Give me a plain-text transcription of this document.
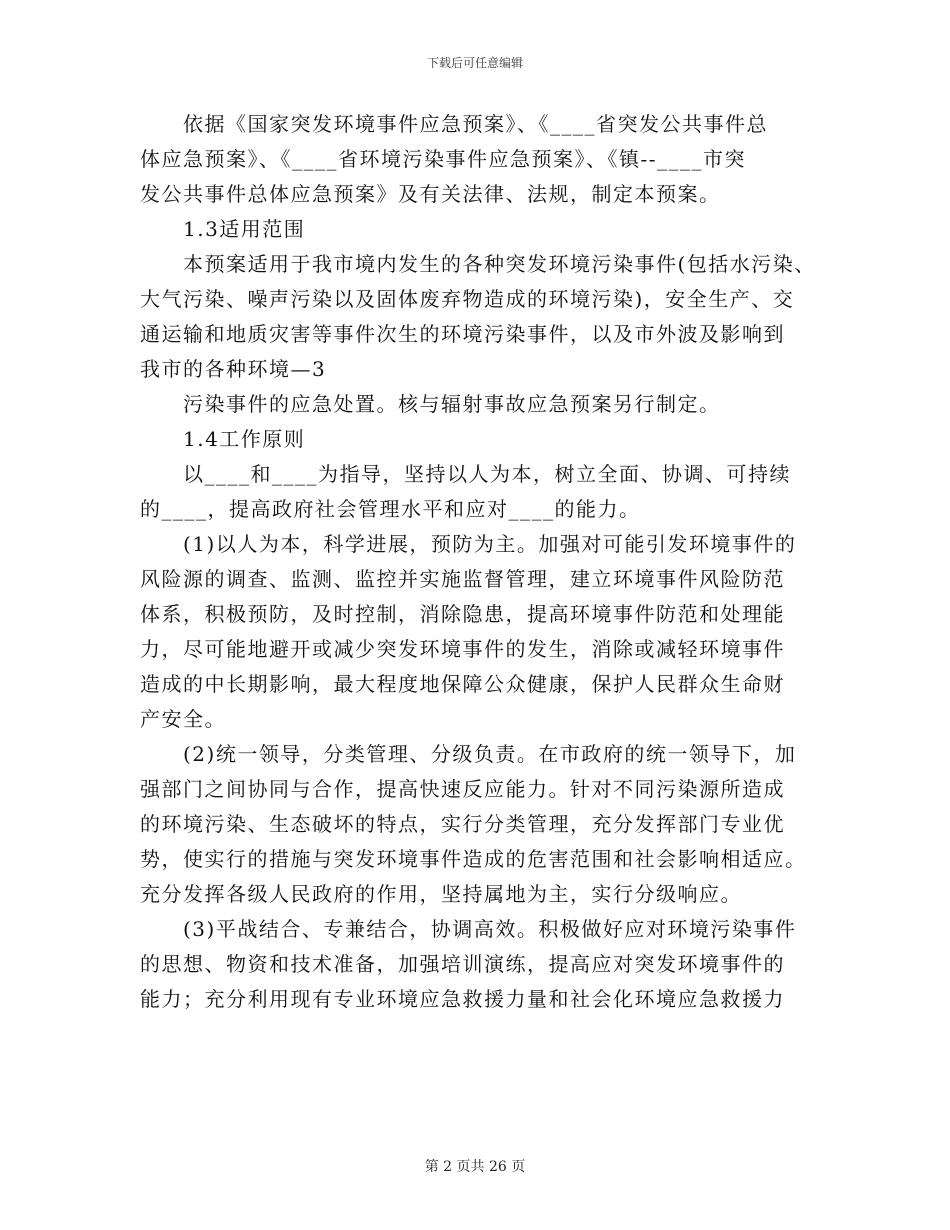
下载后可任意编辑

　　依据《国家突发环境事件应急预案》、《____省突发公共事件总

体应急预案》、《____省环境污染事件应急预案》、《镇--____市突

发公共事件总体应急预案》及有关法律、法规，制定本预案。

　　1.3适用范围

　　本预案适用于我市境内发生的各种突发环境污染事件(包括水污染、

大气污染、噪声污染以及固体废弃物造成的环境污染)，安全生产、交

通运输和地质灾害等事件次生的环境污染事件，以及市外波及影响到

我市的各种环境—3

　　污染事件的应急处置。核与辐射事故应急预案另行制定。

　　1.4工作原则

　　以____和____为指导，坚持以人为本，树立全面、协调、可持续

的____，提高政府社会管理水平和应对____的能力。

　　(1)以人为本，科学进展，预防为主。加强对可能引发环境事件的

风险源的调查、监测、监控并实施监督管理，建立环境事件风险防范

体系，积极预防，及时控制，消除隐患，提高环境事件防范和处理能

力，尽可能地避开或减少突发环境事件的发生，消除或减轻环境事件

造成的中长期影响，最大程度地保障公众健康，保护人民群众生命财

产安全。

　　(2)统一领导，分类管理、分级负责。在市政府的统一领导下，加

强部门之间协同与合作，提高快速反应能力。针对不同污染源所造成

的环境污染、生态破坏的特点，实行分类管理，充分发挥部门专业优

势，使实行的措施与突发环境事件造成的危害范围和社会影响相适应。

充分发挥各级人民政府的作用，坚持属地为主，实行分级响应。

　　(3)平战结合、专兼结合，协调高效。积极做好应对环境污染事件

的思想、物资和技术准备，加强培训演练，提高应对突发环境事件的

能力；充分利用现有专业环境应急救援力量和社会化环境应急救援力

第 2 页共 26 页
